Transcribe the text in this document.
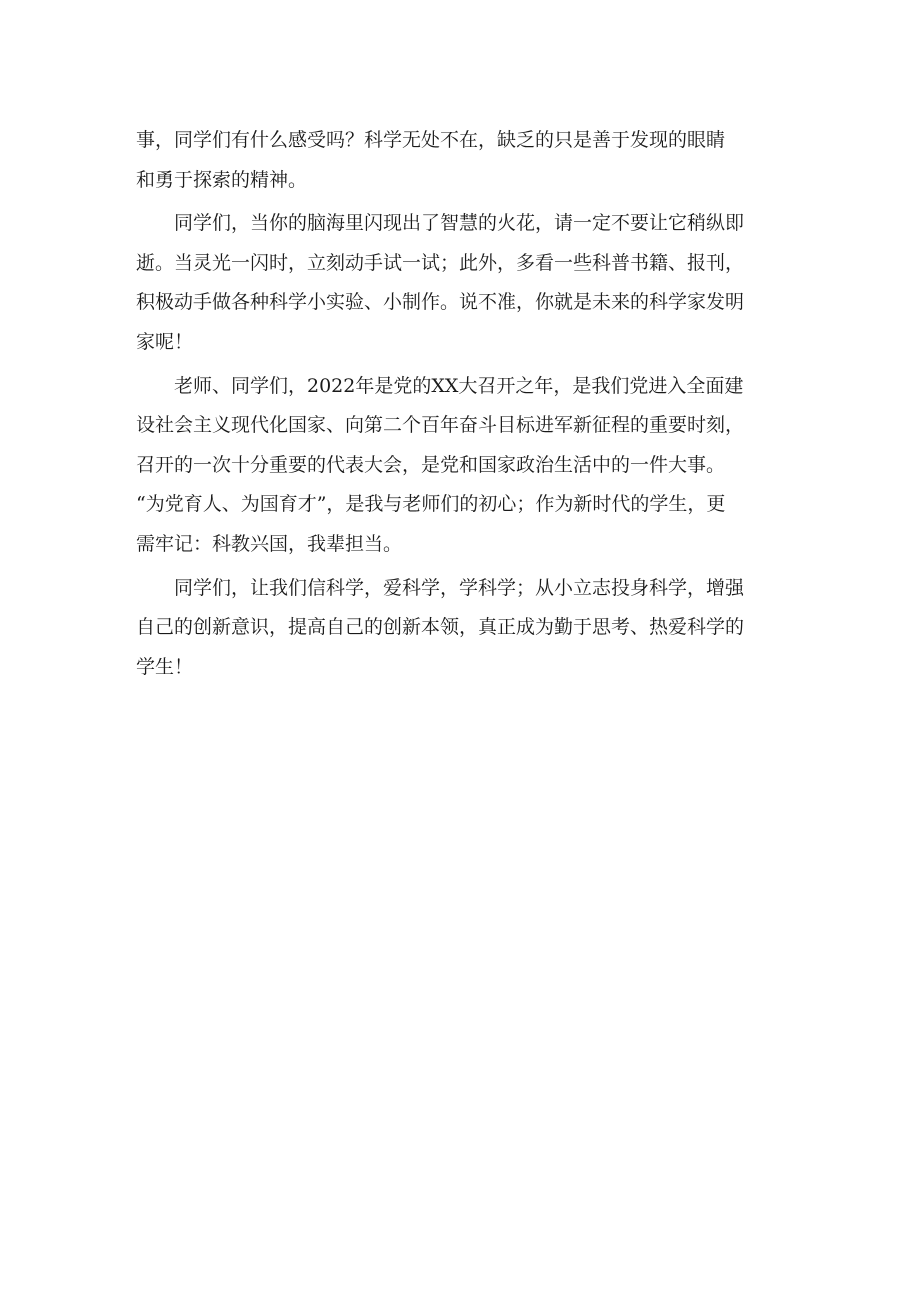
事，同学们有什么感受吗？科学无处不在，缺乏的只是善于发现的眼睛
和勇于探索的精神。

同学们，当你的脑海里闪现出了智慧的火花，请一定不要让它稍纵即
逝。当灵光一闪时，立刻动手试一试；此外，多看一些科普书籍、报刊，
积极动手做各种科学小实验、小制作。说不准，你就是未来的科学家发明
家呢！

老师、同学们，2022年是党的XX大召开之年，是我们党进入全面建
设社会主义现代化国家、向第二个百年奋斗目标进军新征程的重要时刻，
召开的一次十分重要的代表大会，是党和国家政治生活中的一件大事。
“为党育人、为国育才”，是我与老师们的初心；作为新时代的学生，更
需牢记：科教兴国，我辈担当。

同学们，让我们信科学，爱科学，学科学；从小立志投身科学，增强
自己的创新意识，提高自己的创新本领，真正成为勤于思考、热爱科学的
学生！
